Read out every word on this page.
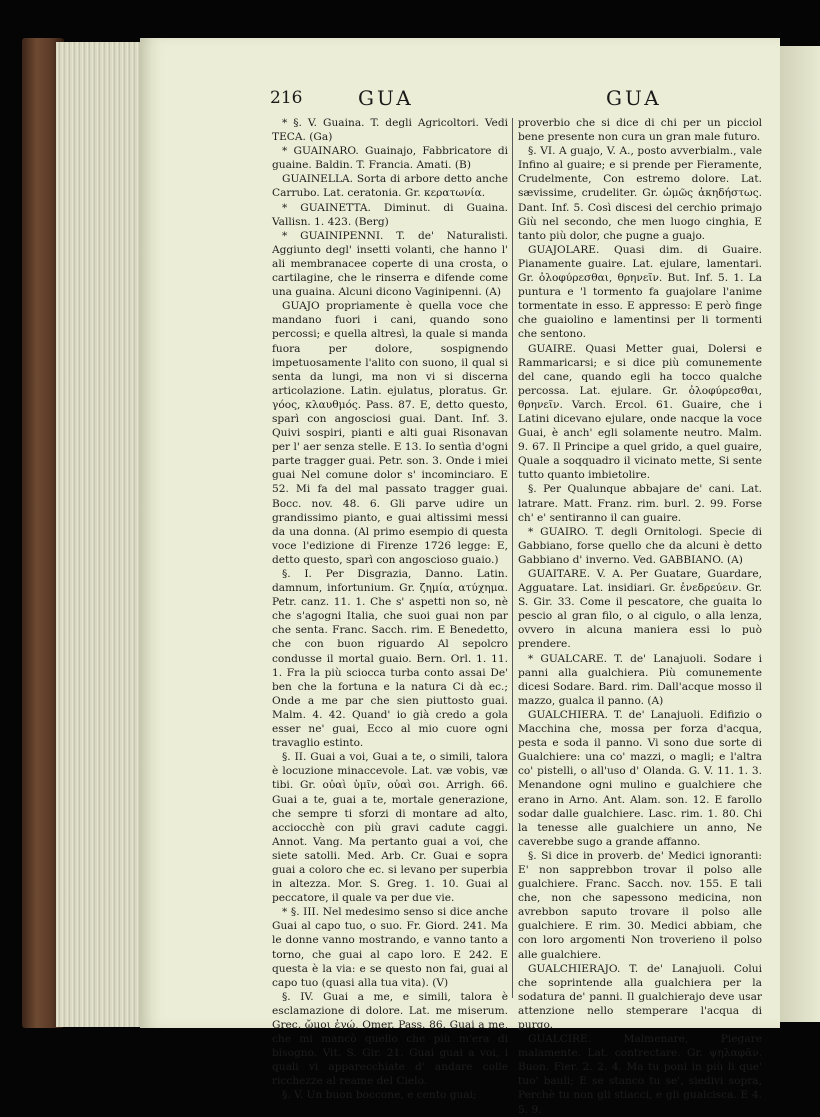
216	GUA	GUA

* §. V. Guaina. T. degli Agricoltori. Vedi TECA. (Ga)

* GUAINARO. Guainajo, Fabbricatore di guaine. Baldin. T. Francia. Amati. (B)

GUAINELLA. Sorta di arbore detto anche Carrubo. Lat. ceratonia. Gr. κερατωνία.

* GUAINETTA. Diminut. di Guaina. Vallisn. 1. 423. (Berg)

* GUAINIPENNI. T. de' Naturalisti. Aggiunto degl' insetti volanti, che hanno l' ali membranacee coperte di una crosta, o cartilagine, che le rinserra e difende come una guaina. Alcuni dicono Vaginipenni. (A)

GUAJO propriamente è quella voce che mandano fuori i cani, quando sono percossi; e quella altresì, la quale si manda fuora per dolore, sospignendo impetuosamente l'alito con suono, il qual si senta da lungi, ma non vi si discerna articolazione. Latin. ejulatus, ploratus. Gr. γόος, κλαυθμός. Pass. 87. E, detto questo, sparì con angosciosi guai. Dant. Inf. 3. Quivi sospiri, pianti e alti guai Risonavan per l' aer senza stelle. E 13. Io sentìa d'ogni parte tragger guai. Petr. son. 3. Onde i miei guai Nel comune dolor s' incominciaro. E 52. Mi fa del mal passato tragger guai. Bocc. nov. 48. 6. Gli parve udire un grandissimo pianto, e guai altissimi messi da una donna. (Al primo esempio di questa voce l'edizione di Firenze 1726 legge: E, detto questo, sparì con angoscioso guaio.)

§. I. Per Disgrazia, Danno. Latin. damnum, infortunium. Gr. ζημία, ατύχημα. Petr. canz. 11. 1. Che s' aspetti non so, nè che s'agogni Italia, che suoi guai non par che senta. Franc. Sacch. rim. E Benedetto, che con buon riguardo Al sepolcro condusse il mortal guaio. Bern. Orl. 1. 11. 1. Fra la più sciocca turba conto assai De' ben che la fortuna e la natura Ci dà ec.; Onde a me par che sien piuttosto guai. Malm. 4. 42. Quand' io già credo a gola esser ne' guai, Ecco al mio cuore ogni travaglio estinto.

§. II. Guai a voi, Guai a te, o simili, talora è locuzione minaccevole. Lat. væ vobis, væ tibi. Gr. οὐαὶ ὑμῖν, οὐαὶ σοι. Arrigh. 66. Guai a te, guai a te, mortale generazione, che sempre ti sforzi di montare ad alto, acciocchè con più gravi cadute caggi. Annot. Vang. Ma pertanto guai a voi, che siete satolli. Med. Arb. Cr. Guai e sopra guai a coloro che ec. si levano per superbia in altezza. Mor. S. Greg. 1. 10. Guai al peccatore, il quale va per due vie.

* §. III. Nel medesimo senso si dice anche Guai al capo tuo, o suo. Fr. Giord. 241. Ma le donne vanno mostrando, e vanno tanto a torno, che guai al capo loro. E 242. E questa è la via: e se questo non fai, guai al capo tuo (quasi alla tua vita). (V)

§. IV. Guai a me, e simili, talora è esclamazione di dolore. Lat. me miserum. Grec. ὤμοι ἐγώ, Omer. Pass. 86. Guai a me, che mi mancò quello che più m'era di bisogno. Vit. S. Gir. 21. Guai guai a voi, i quali vi apparecchiate d' andare colle ricchezze al reame del Cielo.

§. V. Un buon boccone, e cento guai;

proverbio che si dice di chi per un picciol bene presente non cura un gran male futuro.

§. VI. A guajo, V. A., posto avverbialm., vale Infino al guaire; e si prende per Fieramente, Crudelmente, Con estremo dolore. Lat. sævissime, crudeliter. Gr. ὠμῶς ἀκηδήστως. Dant. Inf. 5. Così discesi del cerchio primajo Giù nel secondo, che men luogo cinghia, E tanto più dolor, che pugne a guajo.

GUAJOLARE. Quasi dim. di Guaire. Pianamente guaire. Lat. ejulare, lamentari. Gr. ὀλοφύρεσθαι, θρηνεῖν. But. Inf. 5. 1. La puntura e 'l tormento fa guajolare l'anime tormentate in esso. E appresso: E però finge che guaiolino e lamentinsi per li tormenti che sentono.

GUAIRE. Quasi Metter guai, Dolersi e Rammaricarsi; e si dice più comunemente del cane, quando egli ha tocco qualche percossa. Lat. ejulare. Gr. ὀλοφύρεσθαι, θρηνεῖν. Varch. Ercol. 61. Guaire, che i Latini dicevano ejulare, onde nacque la voce Guai, è anch' egli solamente neutro. Malm. 9. 67. Il Principe a quel grido, a quel guaire, Quale a soqquadro il vicinato mette, Si sente tutto quanto imbietolire.

§. Per Qualunque abbajare de' cani. Lat. latrare. Matt. Franz. rim. burl. 2. 99. Forse ch' e' sentiranno il can guaire.

* GUAIRO. T. degli Ornitologi. Specie di Gabbiano, forse quello che da alcuni è detto Gabbiano d' inverno. Ved. GABBIANO. (A)

GUAITARE. V. A. Per Guatare, Guardare, Agguatare. Lat. insidiari. Gr. ἐνεδρεύειν. Gr. S. Gir. 33. Come il pescatore, che guaita lo pescio al gran filo, o al cigulo, o alla lenza, ovvero in alcuna maniera essi lo può prendere.

* GUALCARE. T. de' Lanajuoli. Sodare i panni alla gualchiera. Più comunemente dicesi Sodare. Bard. rim. Dall'acque mosso il mazzo, gualca il panno. (A)

GUALCHIERA. T. de' Lanajuoli. Edifizio o Macchina che, mossa per forza d'acqua, pesta e soda il panno. Vi sono due sorte di Gualchiere: una co' mazzi, o magli; e l'altra co' pistelli, o all'uso d' Olanda. G. V. 11. 1. 3. Menandone ogni mulino e gualchiere che erano in Arno. Ant. Alam. son. 12. E farollo sodar dalle gualchiere. Lasc. rim. 1. 80. Chi la tenesse alle gualchiere un anno, Ne caverebbe sugo a grande affanno.

§. Si dice in proverb. de' Medici ignoranti: E' non sapprebbon trovar il polso alle gualchiere. Franc. Sacch. nov. 155. E tali che, non che sapessono medicina, non avrebbon saputo trovare il polso alle gualchiere. E rim. 30. Medici abbiam, che con loro argomenti Non troverieno il polso alle gualchiere.

GUALCHIERAJO. T. de' Lanajuoli. Colui che soprintende alla gualchiera per la sodatura de' panni. Il gualchierajo deve usar attenzione nello stemperare l'acqua di purgo.

GUALCIRE. Malmenare, Piegare malamente. Lat. contrectare. Gr. ψηλαφᾶν. Buon. Fier. 2. 2. 4. Ma tu poni in più lì que' tuo' bauli; E se stanco tu se', siedivi sopra, Perchè tu non gli stiacci, e gli gualcisca. E 4. 5. 9.
